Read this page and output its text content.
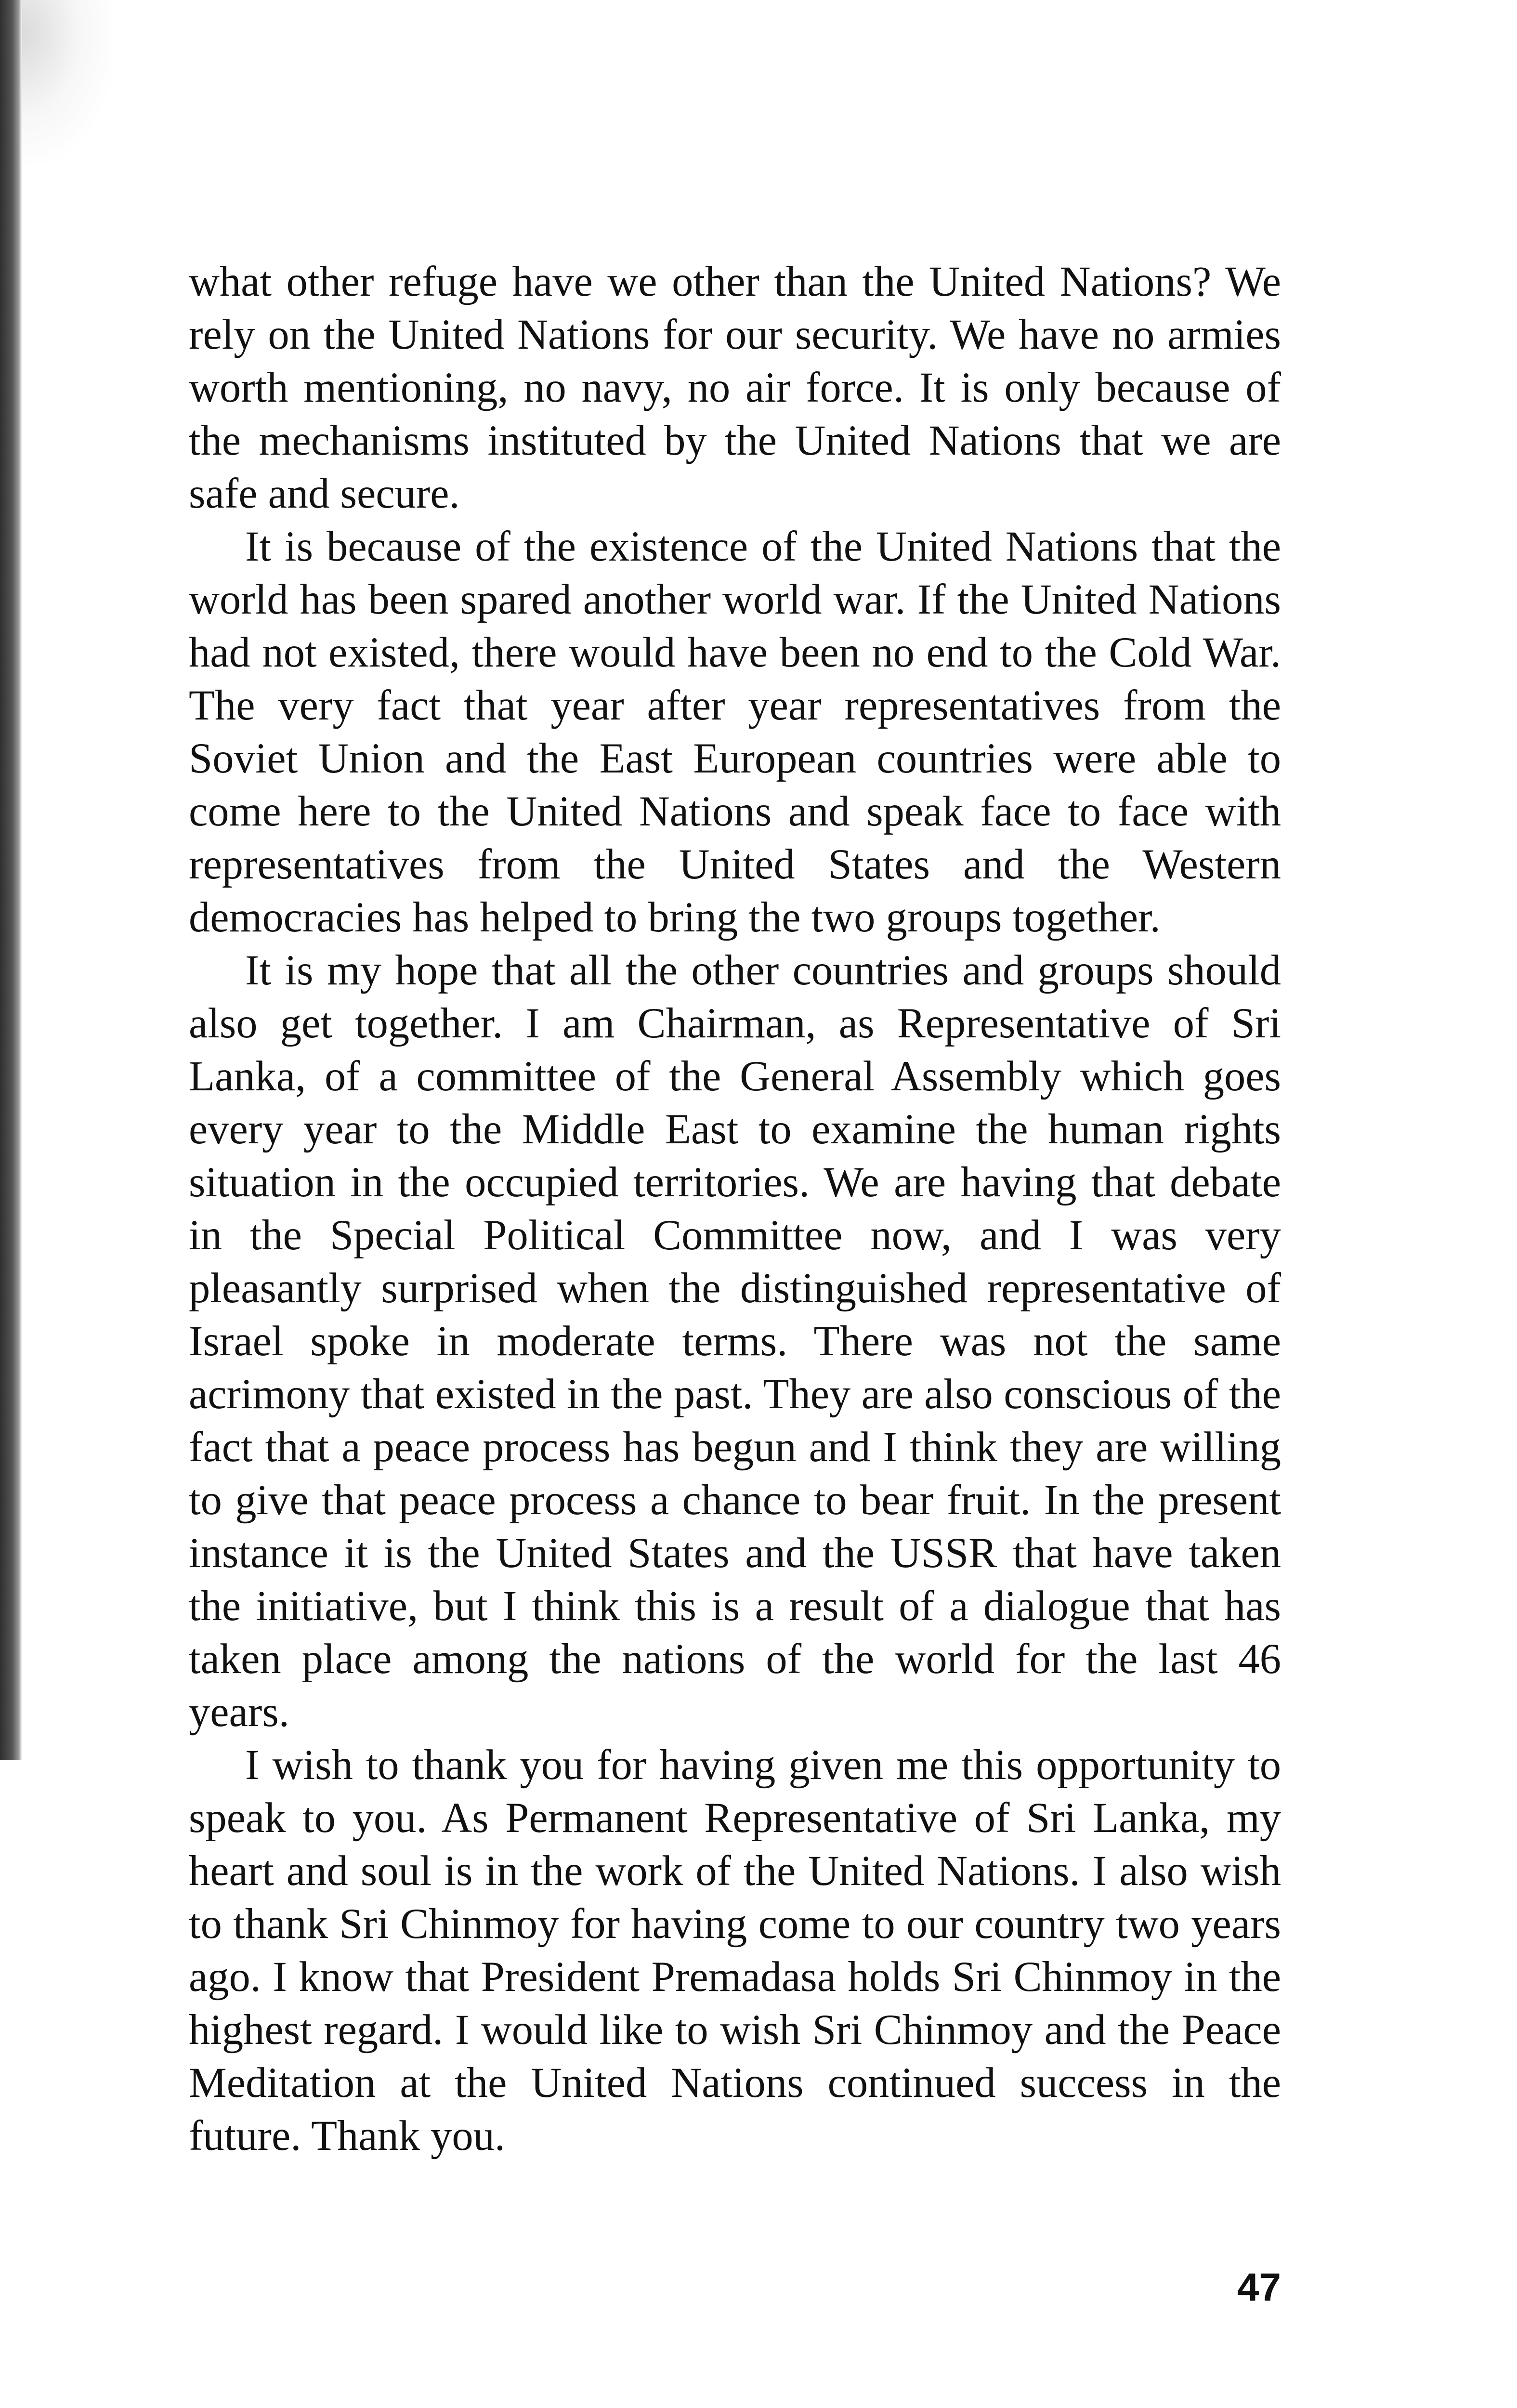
what other refuge have we other than the United Nations? We rely on the United Nations for our security. We have no armies worth mentioning, no navy, no air force. It is only because of the mechanisms instituted by the United Nations that we are safe and secure.

It is because of the existence of the United Nations that the world has been spared another world war. If the United Nations had not existed, there would have been no end to the Cold War. The very fact that year after year representatives from the Soviet Union and the East European countries were able to come here to the United Nations and speak face to face with representatives from the United States and the Western democracies has helped to bring the two groups together.

It is my hope that all the other countries and groups should also get together. I am Chairman, as Representative of Sri Lanka, of a committee of the General Assembly which goes every year to the Middle East to examine the human rights situation in the occupied territories. We are having that debate in the Special Political Committee now, and I was very pleasantly surprised when the distinguished representative of Israel spoke in moderate terms. There was not the same acrimony that existed in the past. They are also conscious of the fact that a peace process has begun and I think they are willing to give that peace process a chance to bear fruit. In the present instance it is the United States and the USSR that have taken the initiative, but I think this is a result of a dialogue that has taken place among the nations of the world for the last 46 years.

I wish to thank you for having given me this opportunity to speak to you. As Permanent Representative of Sri Lanka, my heart and soul is in the work of the United Nations. I also wish to thank Sri Chinmoy for having come to our country two years ago. I know that President Premadasa holds Sri Chinmoy in the highest regard. I would like to wish Sri Chinmoy and the Peace Meditation at the United Nations continued success in the future. Thank you.

47
